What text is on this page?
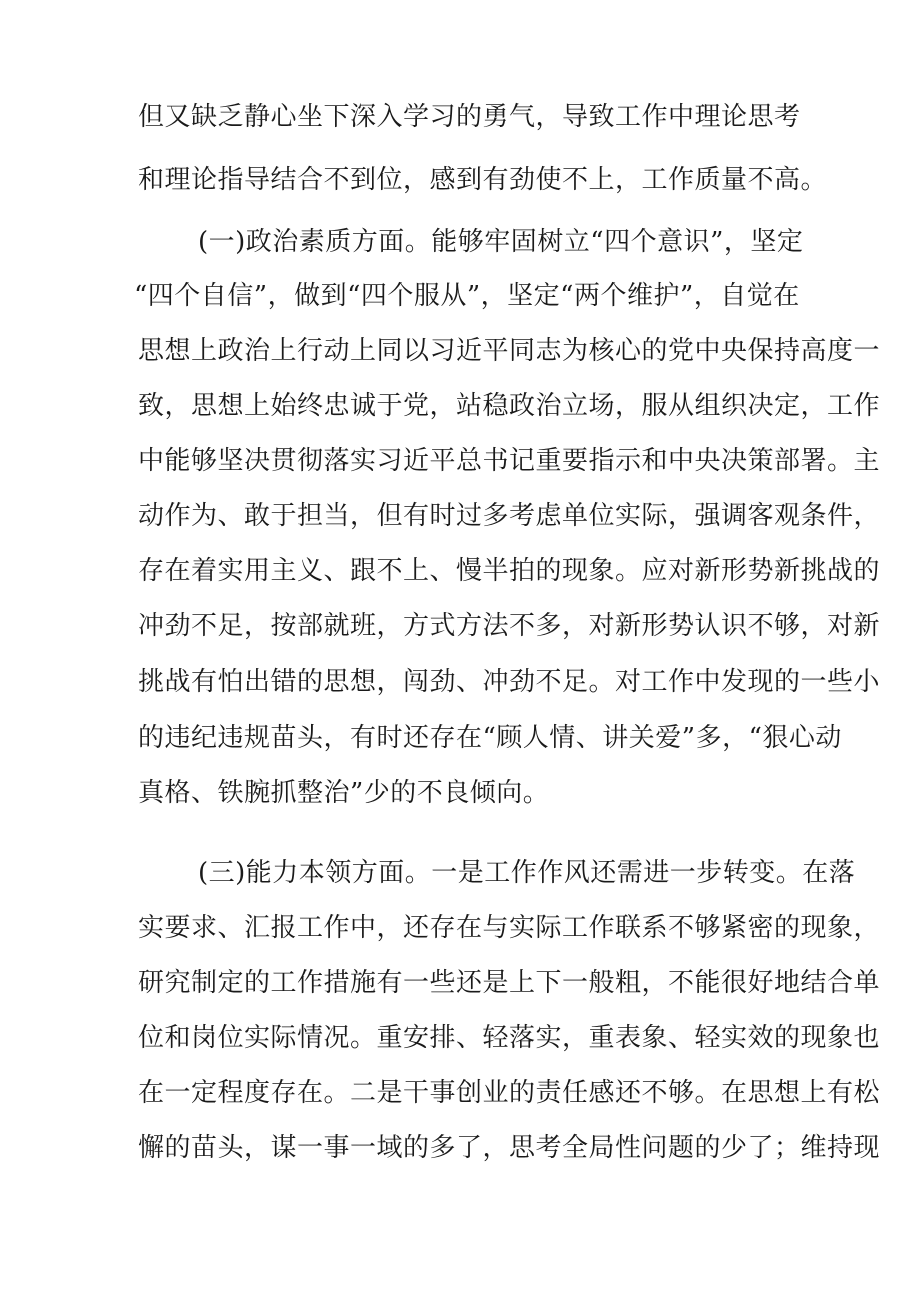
但又缺乏静心坐下深入学习的勇气，导致工作中理论思考
和理论指导结合不到位，感到有劲使不上，工作质量不高。
(一)政治素质方面。能够牢固树立“四个意识”，坚定
“四个自信”，做到“四个服从”，坚定“两个维护”，自觉在
思想上政治上行动上同以习近平同志为核心的党中央保持高度一
致，思想上始终忠诚于党，站稳政治立场，服从组织决定，工作
中能够坚决贯彻落实习近平总书记重要指示和中央决策部署。主
动作为、敢于担当，但有时过多考虑单位实际，强调客观条件，
存在着实用主义、跟不上、慢半拍的现象。应对新形势新挑战的
冲劲不足，按部就班，方式方法不多，对新形势认识不够，对新
挑战有怕出错的思想，闯劲、冲劲不足。对工作中发现的一些小
的违纪违规苗头，有时还存在“顾人情、讲关爱”多，“狠心动
真格、铁腕抓整治”少的不良倾向。
(三)能力本领方面。一是工作作风还需进一步转变。在落
实要求、汇报工作中，还存在与实际工作联系不够紧密的现象，
研究制定的工作措施有一些还是上下一般粗，不能很好地结合单
位和岗位实际情况。重安排、轻落实，重表象、轻实效的现象也
在一定程度存在。二是干事创业的责任感还不够。在思想上有松
懈的苗头，谋一事一域的多了，思考全局性问题的少了；维持现
